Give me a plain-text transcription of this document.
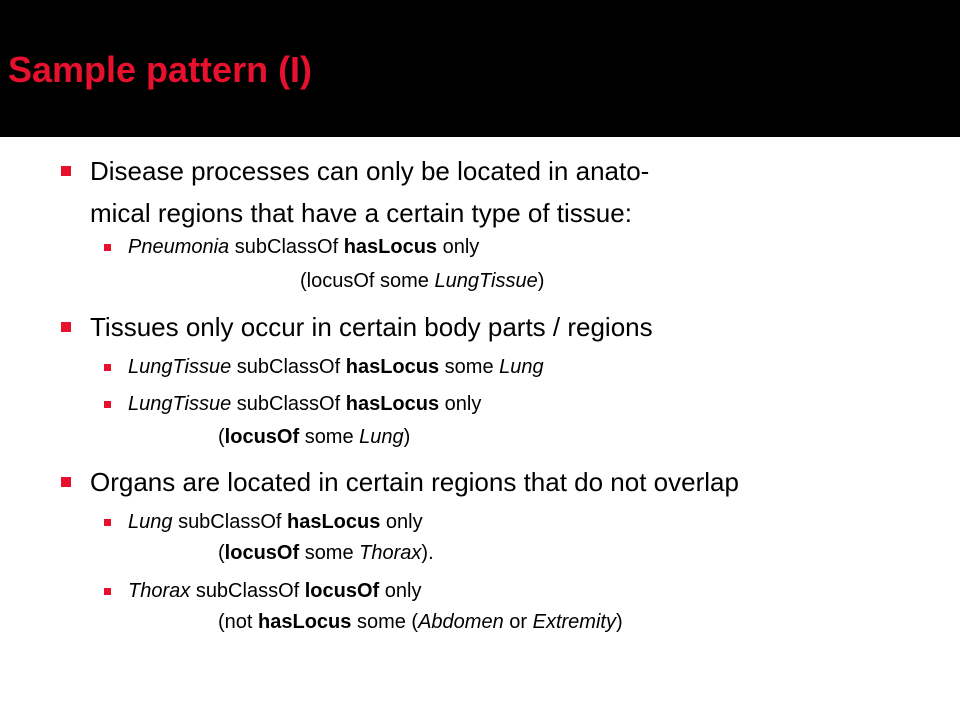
Sample pattern (I)
Disease processes can only be located in anato-
mical regions that have a certain type of tissue:
Pneumonia subClassOf hasLocus only
(locusOf some LungTissue)
Tissues only occur in certain body parts / regions
LungTissue subClassOf hasLocus some Lung
LungTissue subClassOf hasLocus only
(locusOf some Lung)
Organs are located in certain regions that do not overlap
Lung subClassOf hasLocus only
(locusOf some Thorax).
Thorax subClassOf locusOf only
(not hasLocus some (Abdomen or Extremity)
